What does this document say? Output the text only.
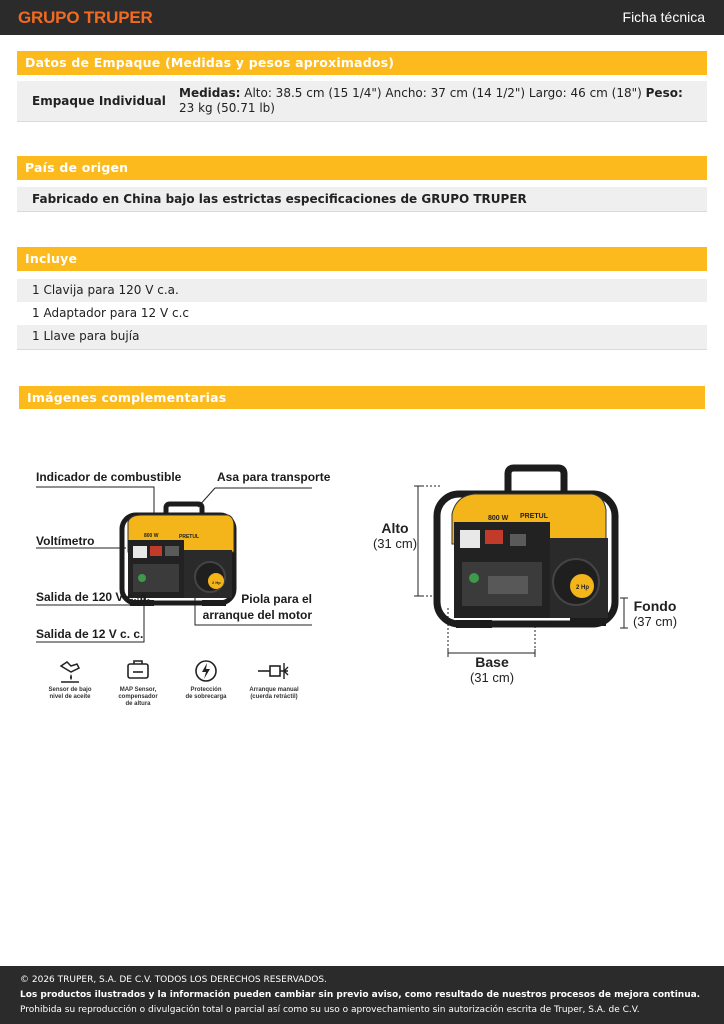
GRUPO TRUPER	Ficha técnica
Datos de Empaque (Medidas y pesos aproximados)
Empaque Individual
Medidas: Alto: 38.5 cm (15 1/4") Ancho: 37 cm (14 1/2") Largo: 46 cm (18") Peso: 23 kg (50.71 lb)
País de origen
Fabricado en China bajo las estrictas especificaciones de GRUPO TRUPER
Incluye
1 Clavija para 120 V c.a.
1 Adaptador para 12 V c.c
1 Llave para bujía
Imágenes complementarias
800 W	PRETUL
2 Hp
Indicador de combustible	Asa para transporte
Voltímetro
Salida de 120 V c. a.	Piola para el
arranque del motor
Salida de 12 V c. c.
Sensor de bajo
nivel de aceite
MAP Sensor,
compensador
de altura
Protección
de sobrecarga
Arranque manual
(cuerda retráctil)
800 W PRETUL
2 Hp
Alto
(31 cm)
Fondo
(37 cm)
Base
(31 cm)
© 2026 TRUPER, S.A. DE C.V. TODOS LOS DERECHOS RESERVADOS.
Los productos ilustrados y la información pueden cambiar sin previo aviso, como resultado de nuestros procesos de mejora continua.
Prohibida su reproducción o divulgación total o parcial así como su uso o aprovechamiento sin autorización escrita de Truper, S.A. de C.V.
